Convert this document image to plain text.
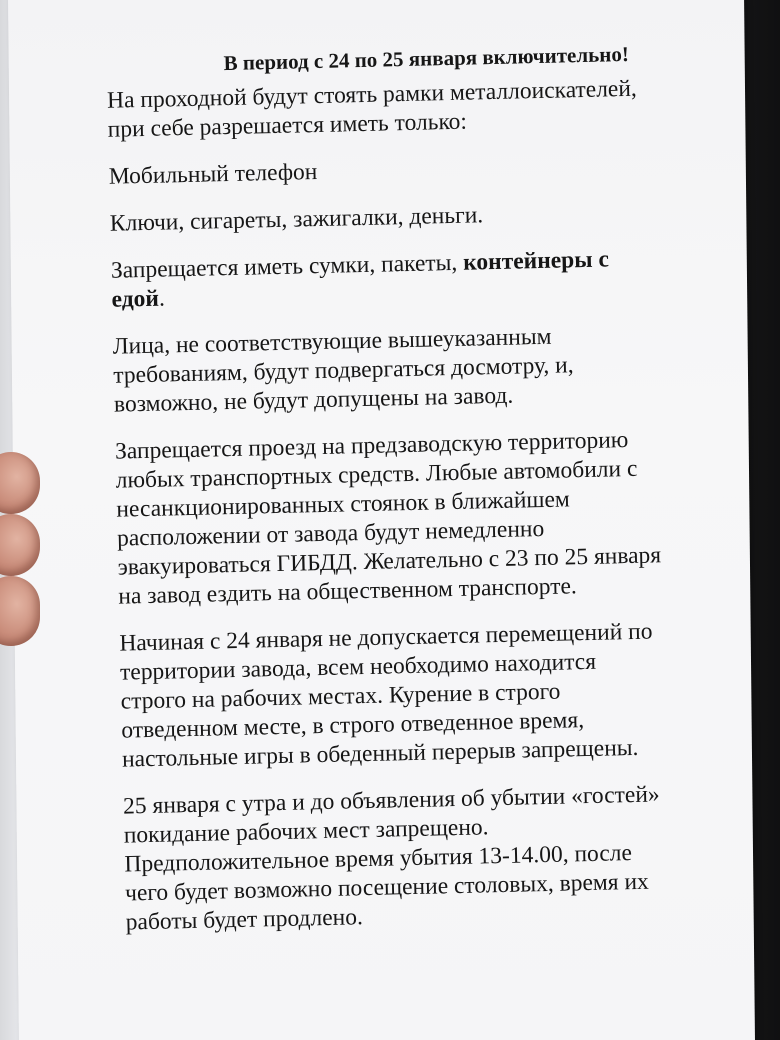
В период с 24 по 25 января включительно!
На проходной будут стоять рамки металлоискателей,
при себе разрешается иметь только:
Мобильный телефон
Ключи, сигареты, зажигалки, деньги.
Запрещается иметь сумки, пакеты, контейнеры с
едой.
Лица, не соответствующие вышеуказанным
требованиям, будут подвергаться досмотру, и,
возможно, не будут допущены на завод.
Запрещается проезд на предзаводскую территорию
любых транспортных средств. Любые автомобили с
несанкционированных стоянок в ближайшем
расположении от завода будут немедленно
эвакуироваться ГИБДД. Желательно с 23 по 25 января
на завод ездить на общественном транспорте.
Начиная с 24 января не допускается перемещений по
территории завода, всем необходимо находится
строго на рабочих местах. Курение в строго
отведенном месте, в строго отведенное время,
настольные игры в обеденный перерыв запрещены.
25 января с утра и до объявления об убытии «гостей»
покидание рабочих мест запрещено.
Предположительное время убытия 13-14.00, после
чего будет возможно посещение столовых, время их
работы будет продлено.
